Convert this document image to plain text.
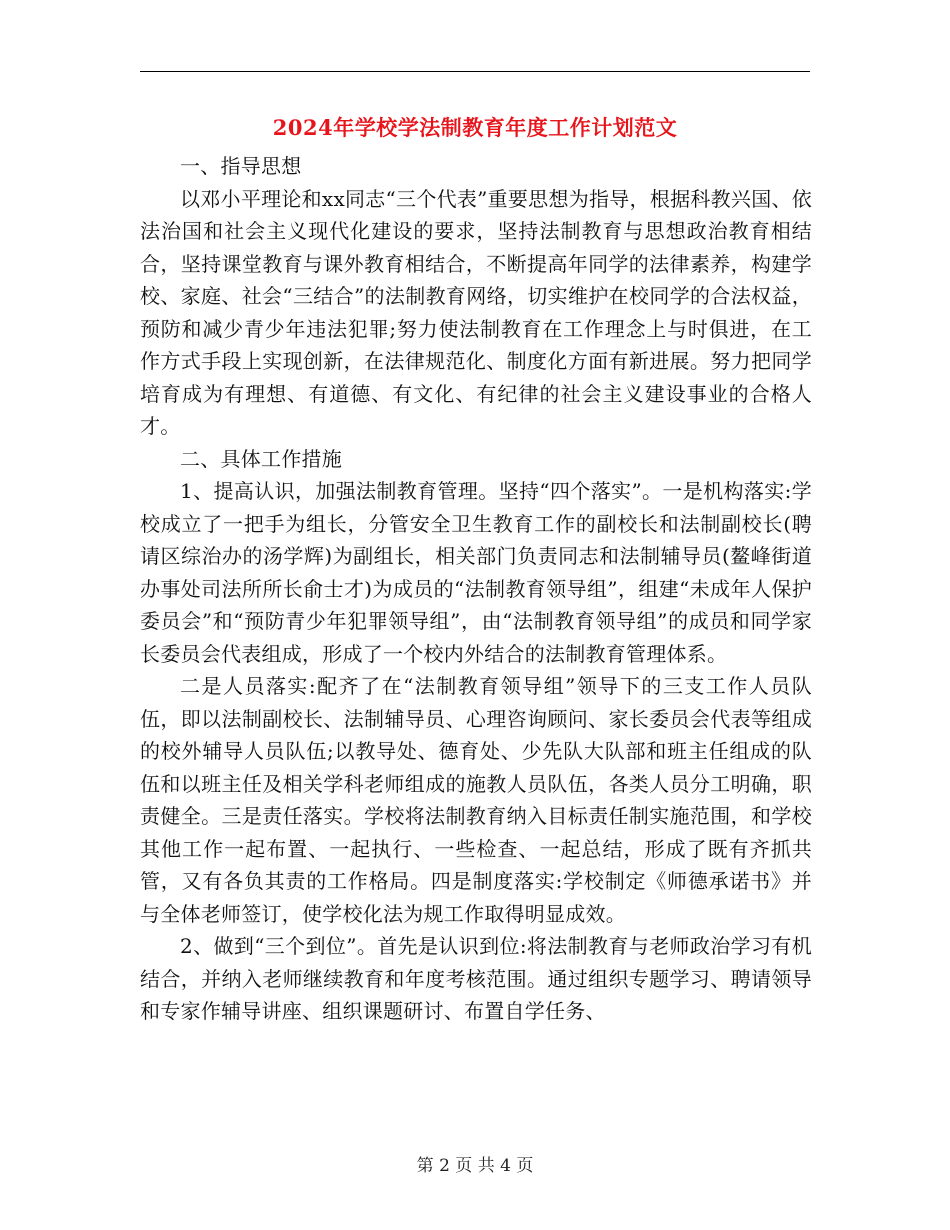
2024年学校学法制教育年度工作计划范文

一、指导思想

以邓小平理论和xx同志“三个代表”重要思想为指导，根据科教兴国、依法治国和社会主义现代化建设的要求，坚持法制教育与思想政治教育相结合，坚持课堂教育与课外教育相结合，不断提高年同学的法律素养，构建学校、家庭、社会“三结合”的法制教育网络，切实维护在校同学的合法权益，预防和减少青少年违法犯罪;努力使法制教育在工作理念上与时俱进，在工作方式手段上实现创新，在法律规范化、制度化方面有新进展。努力把同学培育成为有理想、有道德、有文化、有纪律的社会主义建设事业的合格人才。

二、具体工作措施

1、提高认识，加强法制教育管理。坚持“四个落实”。一是机构落实:学校成立了一把手为组长，分管安全卫生教育工作的副校长和法制副校长(聘请区综治办的汤学辉)为副组长，相关部门负责同志和法制辅导员(鳌峰街道办事处司法所所长俞士才)为成员的“法制教育领导组”，组建“未成年人保护委员会”和“预防青少年犯罪领导组”，由“法制教育领导组”的成员和同学家长委员会代表组成，形成了一个校内外结合的法制教育管理体系。

二是人员落实:配齐了在“法制教育领导组”领导下的三支工作人员队伍，即以法制副校长、法制辅导员、心理咨询顾问、家长委员会代表等组成的校外辅导人员队伍;以教导处、德育处、少先队大队部和班主任组成的队伍和以班主任及相关学科老师组成的施教人员队伍，各类人员分工明确，职责健全。三是责任落实。学校将法制教育纳入目标责任制实施范围，和学校其他工作一起布置、一起执行、一些检查、一起总结，形成了既有齐抓共管，又有各负其责的工作格局。四是制度落实:学校制定《师德承诺书》并与全体老师签订，使学校化法为规工作取得明显成效。

2、做到“三个到位”。首先是认识到位:将法制教育与老师政治学习有机结合，并纳入老师继续教育和年度考核范围。通过组织专题学习、聘请领导和专家作辅导讲座、组织课题研讨、布置自学任务、

第 2 页 共 4 页
